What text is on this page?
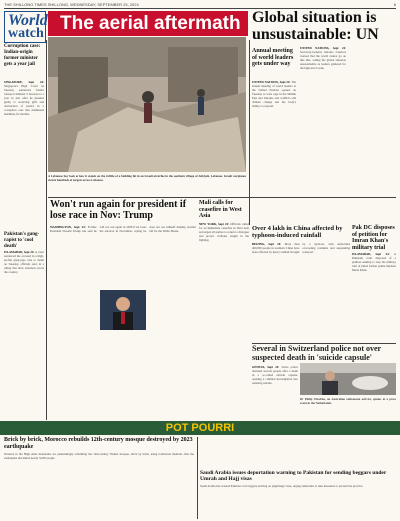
THE SHILLONG TIMES SHILLONG, WEDNESDAY, SEPTEMBER 25, 2024	6
World
watch The aerial aftermath Global situation is unsustainable: UN
Corruption case: Indian-origin former minister gets a year jail
SINGAPORE, Sept 24: Singapore's High Court on Tuesday sentenced former transport minister S Iswaran to a year in jail, after he pleaded guilty to receiving gifts and obstruction of justice in a corruption case that dominated headlines for months.
Pakistan's gang-rapist to 'cool death'
ISLAMABAD, Sept 24: A court sentenced the accused in a high-profile gang-rape case to death on Tuesday, officials said, in a ruling that drew attention across the country.
A Lebanese boy look at how it stands on the rubble of a building hit in an Israeli airstrike in the southern village of Akbiyeh, Lebanon. Israeli warplanes struck hundreds of targets across Lebanon.
Annual meeting of world leaders gets under way
UNITED NATIONS, Sept 24: The annual meeting of world leaders at the United Nations opened on Tuesday as wars rage in the Middle East and Ukraine and conflicts and climate change test the body's ability to respond.
UNITED NATIONS, Sept 24: Secretary-General Antonio Guterres warned that the world cannot go on like this, calling the global situation unsustainable as leaders gathered for the high-level week.
Won't run again for president if lose race in Nov: Trump
WASHINGTON, Sept 24: Former President Donald Trump has said he will not run again in 2028 if he loses the election in November, saying he does not see himself making another bid for the White House.
Mali calls for ceasefire in West Asia
NEW YORK, Sept 24: Officials called for an immediate ceasefire in West Asia and urged all parties to return to dialogue and protect civilians caught in the fighting.
Over 4 lakh in China affected by typhoon-induced rainfall
BEIJING, Sept 24: More than 400,000 people in southern China have been affected by heavy rainfall brought by a typhoon, with authorities evacuating residents and suspending transport.
Pak DC disposes of petition for Imran Khan's military trial
ISLAMABAD, Sept 24: A Pakistani court disposed of a petition seeking to stop the military trial of jailed former prime minister Imran Khan.
Several in Switzerland police not over suspected death in 'suicide capsule'
GENEVA, Sept 24: Swiss police detained several people after a death in a so-called suicide capsule, opening a criminal investigation into assisting suicide.
Dr Philip Nitschke, an Australian euthanasia activist, speaks at a press event in the Netherlands.
POT POURRI
Brick by brick, Morocco rebuilds 12th-century mosque destroyed by 2023 earthquake
Workers in the High Atlas mountains are painstakingly rebuilding the 12th-century Tinmel mosque, brick by brick, using traditional methods after the earthquake that killed nearly 3,000 people.
Saudi Arabia issues deportation warning to Pakistan for sending beggars under Umrah and Hajj visas
Saudi Arabia has warned Pakistan over beggars arriving on pilgrimage visas, urging authorities to take measures to prevent the practice.
